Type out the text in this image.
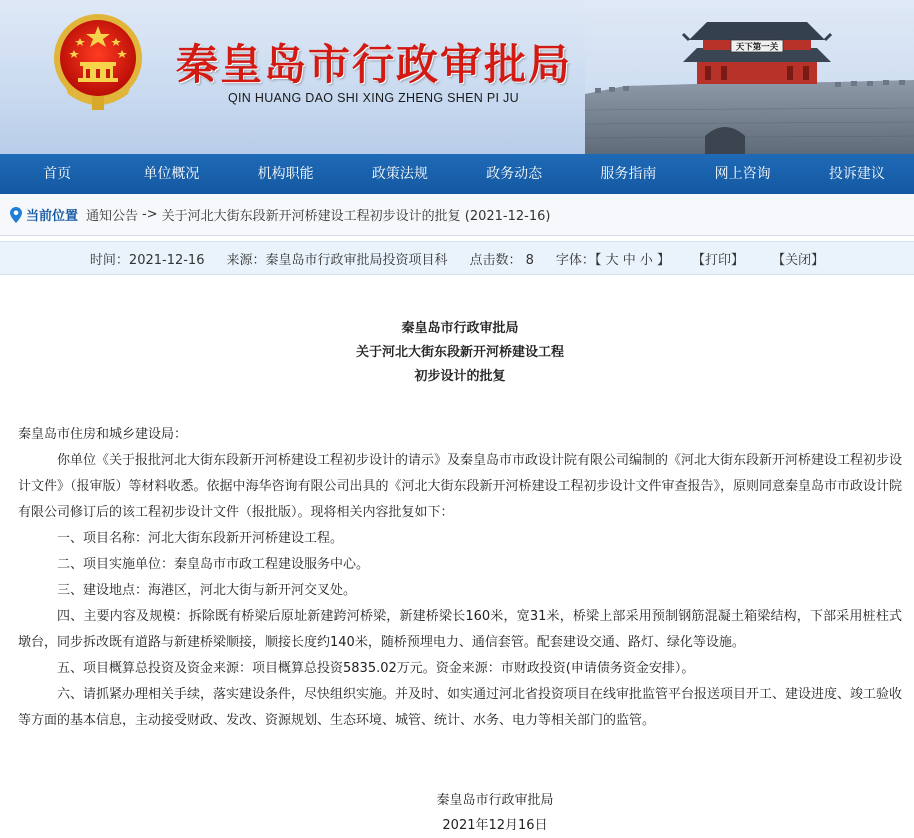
秦皇岛市行政审批局
QIN HUANG DAO SHI XING ZHENG SHEN PI JU
天下第一关
首页	单位概况	机构职能	政策法规	政务动态	服务指南	网上咨询	投诉建议
当前位置 通知公告 -> 关于河北大街东段新开河桥建设工程初步设计的批复 (2021-12-16)
时间：2021-12-16 来源：秦皇岛市行政审批局投资项目科 点击数： 8 字体：【
大
中
小
】 【打印】 【关闭】
秦皇岛市行政审批局
关于河北大街东段新开河桥建设工程
初步设计的批复
秦皇岛市住房和城乡建设局：
你单位《关于报批河北大街东段新开河桥建设工程初步设计的请示》及秦皇岛市市政设计院有限公司编制的《河北大街东段新开河桥建设工程初步设计文件》（报审版）等材料收悉。依据中海华咨询有限公司出具的《河北大街东段新开河桥建设工程初步设计文件审查报告》，原则同意秦皇岛市市政设计院有限公司修订后的该工程初步设计文件（报批版）。现将相关内容批复如下：
一、项目名称：河北大街东段新开河桥建设工程。
二、项目实施单位：秦皇岛市市政工程建设服务中心。
三、建设地点：海港区，河北大街与新开河交叉处。
四、主要内容及规模：拆除既有桥梁后原址新建跨河桥梁，新建桥梁长160米，宽31米，桥梁上部采用预制钢筋混凝土箱梁结构，下部采用桩柱式墩台，同步拆改既有道路与新建桥梁顺接，顺接长度约140米，随桥预埋电力、通信套管。配套建设交通、路灯、绿化等设施。
五、项目概算总投资及资金来源：项目概算总投资5835.02万元。资金来源：市财政投资(申请债务资金安排）。
六、请抓紧办理相关手续，落实建设条件，尽快组织实施。并及时、如实通过河北省投资项目在线审批监管平台报送项目开工、建设进度、竣工验收等方面的基本信息，主动接受财政、发改、资源规划、生态环境、城管、统计、水务、电力等相关部门的监管。
秦皇岛市行政审批局
2021年12月16日
